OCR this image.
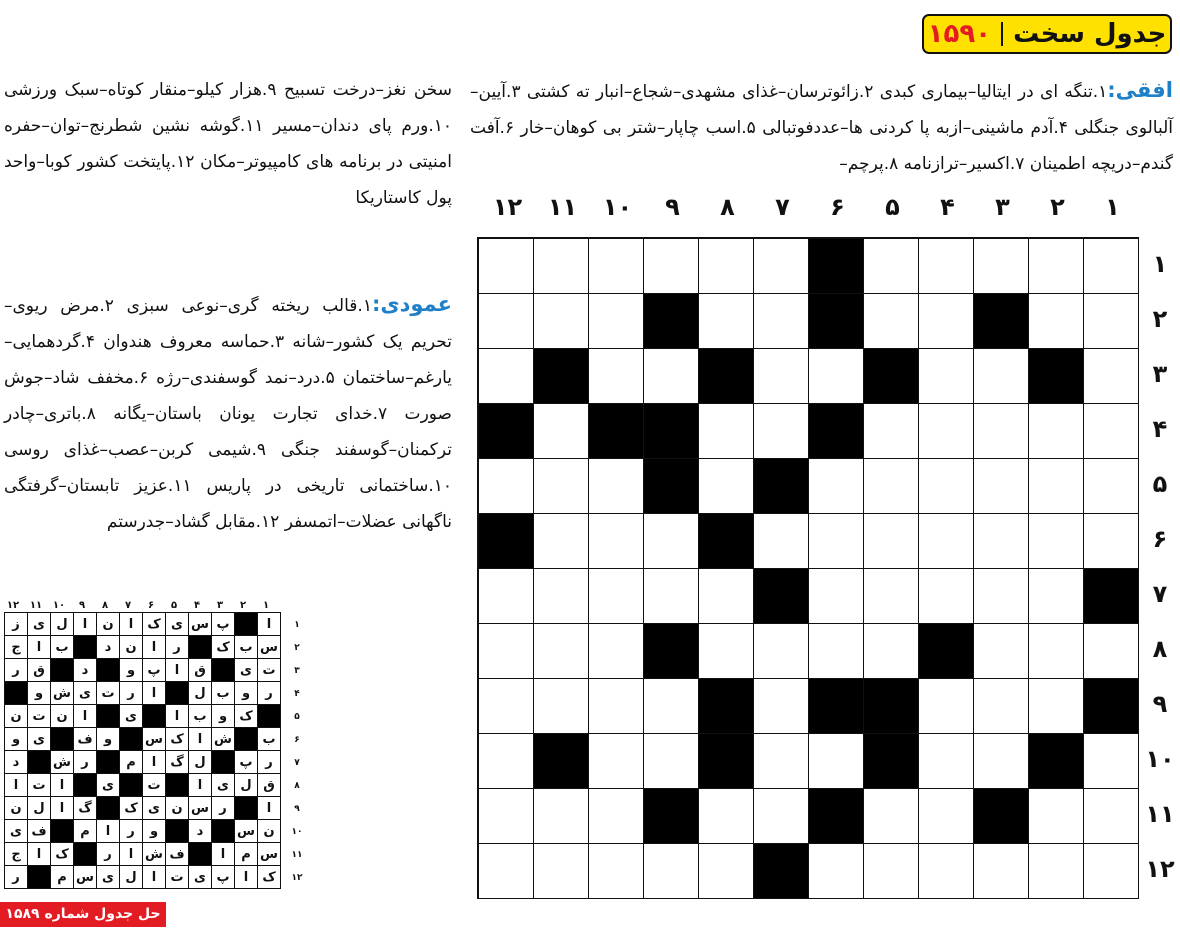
جدول سخت
۱۵۹۰
افقی:۱.تنگه ای در ایتالیا–بیماری کبدی ۲.زائوترسان–غذای مشهدی–شجاع–انبار ته کشتی ۳.آیین–آلبالوی جنگلی ۴.آدم ماشینی–ازبه پا کردنی ها–عددفوتبالی ۵.اسب چاپار–شتر بی کوهان–خار ۶.آفت گندم–دریچه اطمینان ۷.اکسیر–ترازنامه ۸.پرچم–
سخن نغز–درخت تسبیح ۹.هزار کیلو–منقار کوتاه–سبک ورزشی ۱۰.ورم پای دندان–مسیر ۱۱.گوشه نشین شطرنج–توان–حفره امنیتی در برنامه های کامپیوتر–مکان ۱۲.پایتخت کشور کوبا–واحد پول کاستاریکا
عمودی:۱.قالب ریخته گری–نوعی سبزی ۲.مرض ریوی–تحریم یک کشور–شانه ۳.حماسه معروف هندوان ۴.گردهمایی–یارغم–ساختمان ۵.درد–نمد گوسفندی–رژه ۶.مخفف شاد–جوش صورت ۷.خدای تجارت یونان باستان–یگانه ۸.باتری–چادر ترکمنان–گوسفند جنگی ۹.شیمی کربن–عصب–غذای روسی ۱۰.ساختمانی تاریخی در پاریس ۱۱.عزیز تابستان–گرفتگی ناگهانی عضلات–اتمسفر ۱۲.مقابل گشاد–جدرستم
۱
۲
۳
۴
۵
۶
۷
۸
۹
۱۰
۱۱
۱۲
۱
۲
۳
۴
۵
۶
۷
۸
۹
۱۰
۱۱
۱۲
۱
۲
۳
۴
۵
۶
۷
۸
۹
۱۰
۱۱
۱۲
۱
۲
۳
۴
۵
۶
۷
۸
۹
۱۰
۱۱
۱۲
ا
پ
س
ی
ک
ا
ن
ا
ل
ی
ز
س
ب
ک
ر
ا
ن
د
ب
ا
ج
ت
ی
ق
ا
پ
و
د
ق
ر
ر
و
ب
ل
ا
ر
ت
ی
ش
و
ک
و
ب
ا
ی
ا
ن
ت
ن
ب
ش
ا
ک
س
و
ف
ی
و
ر
پ
ل
گ
ا
م
ر
ش
د
ق
ل
ی
ا
ت
ی
ا
ت
ا
ا
ر
س
ن
ی
ک
گ
ا
ل
ن
ن
س
د
و
ر
ا
م
ف
ی
س
م
ا
ف
ش
ا
ر
ک
ا
ج
ک
ا
پ
ی
ت
ا
ل
ی
س
م
ر
حل جدول شماره ۱۵۸۹
